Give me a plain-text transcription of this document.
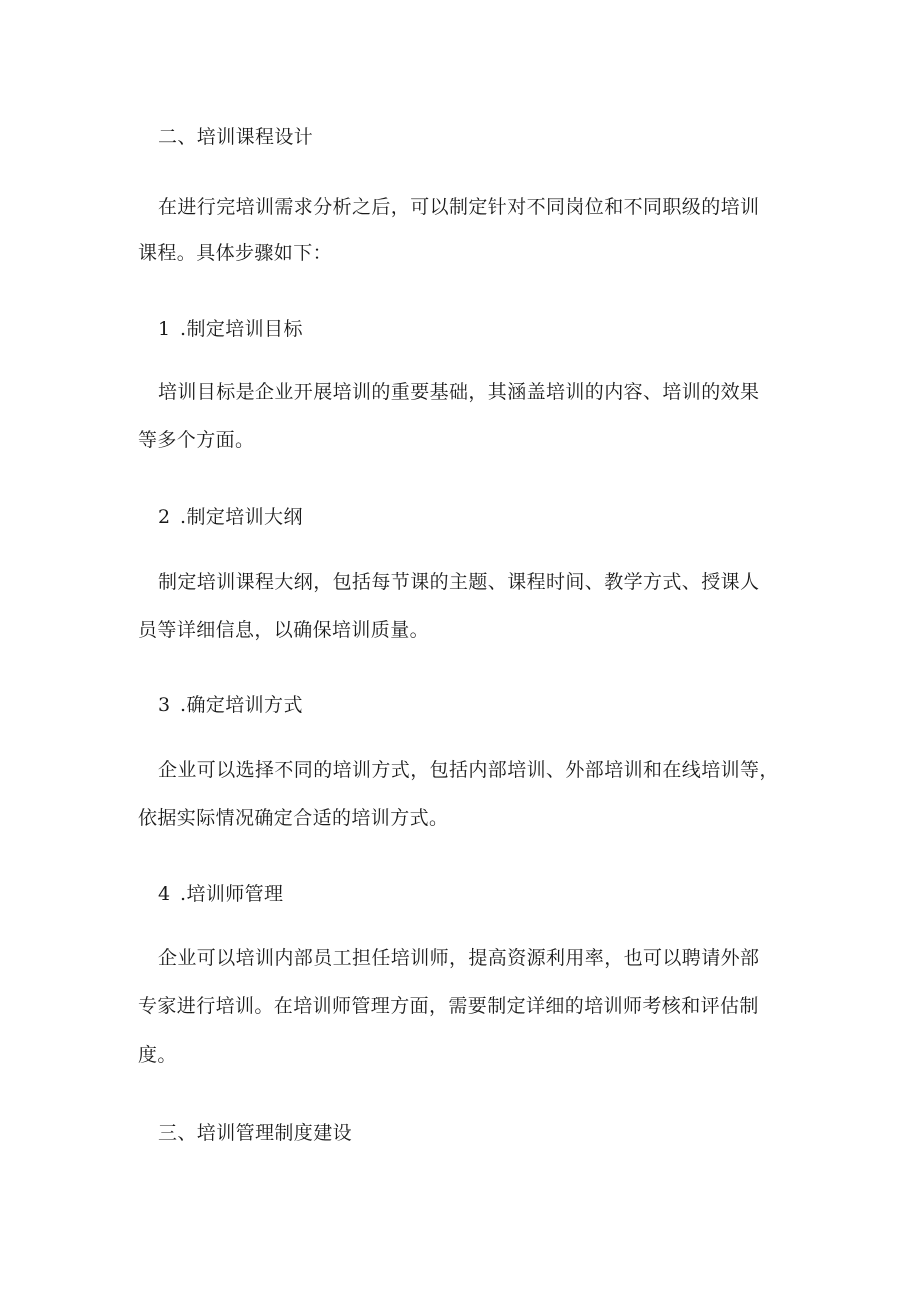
二、培训课程设计
在进行完培训需求分析之后，可以制定针对不同岗位和不同职级的培训
课程。具体步骤如下：
1 .制定培训目标
培训目标是企业开展培训的重要基础，其涵盖培训的内容、培训的效果
等多个方面。
2 .制定培训大纲
制定培训课程大纲，包括每节课的主题、课程时间、教学方式、授课人
员等详细信息，以确保培训质量。
3 .确定培训方式
企业可以选择不同的培训方式，包括内部培训、外部培训和在线培训等，
依据实际情况确定合适的培训方式。
4 .培训师管理
企业可以培训内部员工担任培训师，提高资源利用率，也可以聘请外部
专家进行培训。在培训师管理方面，需要制定详细的培训师考核和评估制
度。
三、培训管理制度建设
